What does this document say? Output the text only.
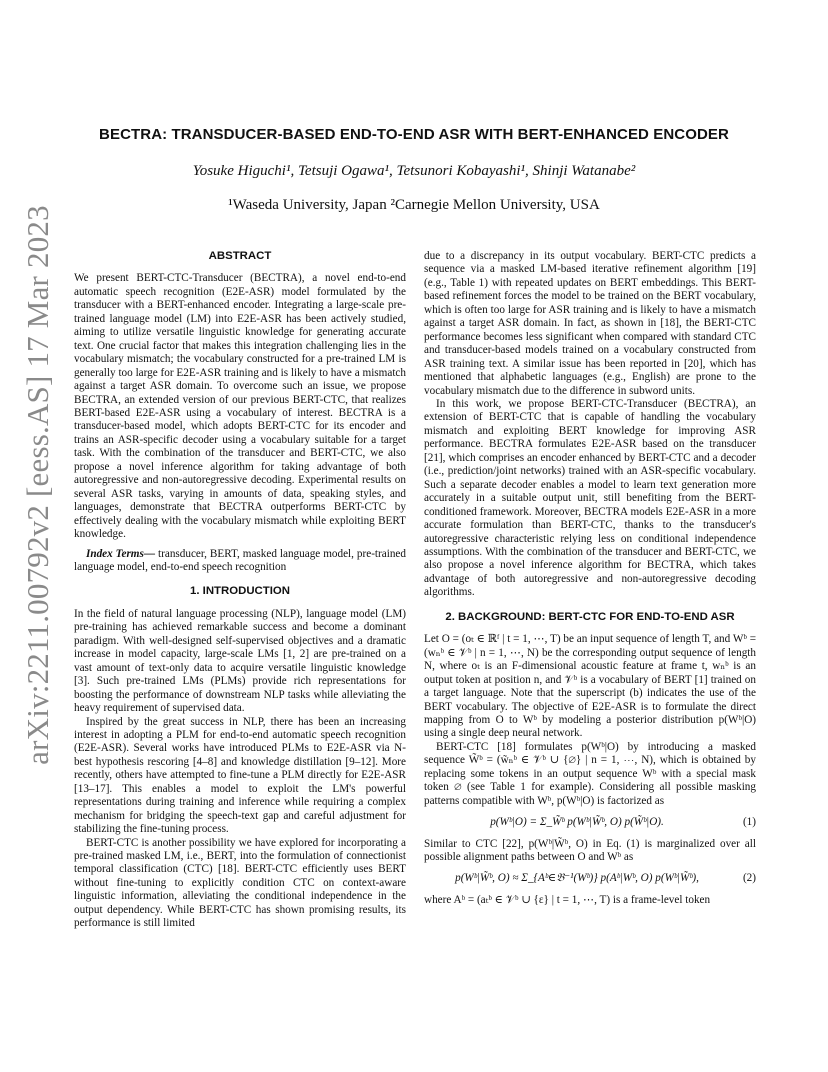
arXiv:2211.00792v2 [eess.AS] 17 Mar 2023
BECTRA: TRANSDUCER-BASED END-TO-END ASR WITH BERT-ENHANCED ENCODER
Yosuke Higuchi¹, Tetsuji Ogawa¹, Tetsunori Kobayashi¹, Shinji Watanabe²
¹Waseda University, Japan ²Carnegie Mellon University, USA
ABSTRACT

We present BERT-CTC-Transducer (BECTRA), a novel end-to-end automatic speech recognition (E2E-ASR) model formulated by the transducer with a BERT-enhanced encoder. Integrating a large-scale pre-trained language model (LM) into E2E-ASR has been actively studied, aiming to utilize versatile linguistic knowledge for generating accurate text. One crucial factor that makes this integration challenging lies in the vocabulary mismatch; the vocabulary constructed for a pre-trained LM is generally too large for E2E-ASR training and is likely to have a mismatch against a target ASR domain. To overcome such an issue, we propose BECTRA, an extended version of our previous BERT-CTC, that realizes BERT-based E2E-ASR using a vocabulary of interest. BECTRA is a transducer-based model, which adopts BERT-CTC for its encoder and trains an ASR-specific decoder using a vocabulary suitable for a target task. With the combination of the transducer and BERT-CTC, we also propose a novel inference algorithm for taking advantage of both autoregressive and non-autoregressive decoding. Experimental results on several ASR tasks, varying in amounts of data, speaking styles, and languages, demonstrate that BECTRA outperforms BERT-CTC by effectively dealing with the vocabulary mismatch while exploiting BERT knowledge.

Index Terms— transducer, BERT, masked language model, pre-trained language model, end-to-end speech recognition

1. INTRODUCTION

In the field of natural language processing (NLP), language model (LM) pre-training has achieved remarkable success and become a dominant paradigm. With well-designed self-supervised objectives and a dramatic increase in model capacity, large-scale LMs [1, 2] are pre-trained on a vast amount of text-only data to acquire versatile linguistic knowledge [3]. Such pre-trained LMs (PLMs) provide rich representations for boosting the performance of downstream NLP tasks while alleviating the heavy requirement of supervised data.

Inspired by the great success in NLP, there has been an increasing interest in adopting a PLM for end-to-end automatic speech recognition (E2E-ASR). Several works have introduced PLMs to E2E-ASR via N-best hypothesis rescoring [4–8] and knowledge distillation [9–12]. More recently, others have attempted to fine-tune a PLM directly for E2E-ASR [13–17]. This enables a model to exploit the LM's powerful representations during training and inference while requiring a complex mechanism for bridging the speech-text gap and careful adjustment for stabilizing the fine-tuning process.

BERT-CTC is another possibility we have explored for incorporating a pre-trained masked LM, i.e., BERT, into the formulation of connectionist temporal classification (CTC) [18]. BERT-CTC efficiently uses BERT without fine-tuning to explicitly condition CTC on context-aware linguistic information, alleviating the conditional independence in the output dependency. While BERT-CTC has shown promising results, its performance is still limited

due to a discrepancy in its output vocabulary. BERT-CTC predicts a sequence via a masked LM-based iterative refinement algorithm [19] (e.g., Table 1) with repeated updates on BERT embeddings. This BERT-based refinement forces the model to be trained on the BERT vocabulary, which is often too large for ASR training and is likely to have a mismatch against a target ASR domain. In fact, as shown in [18], the BERT-CTC performance becomes less significant when compared with standard CTC and transducer-based models trained on a vocabulary constructed from ASR training text. A similar issue has been reported in [20], which has mentioned that alphabetic languages (e.g., English) are prone to the vocabulary mismatch due to the difference in subword units.

In this work, we propose BERT-CTC-Transducer (BECTRA), an extension of BERT-CTC that is capable of handling the vocabulary mismatch and exploiting BERT knowledge for improving ASR performance. BECTRA formulates E2E-ASR based on the transducer [21], which comprises an encoder enhanced by BERT-CTC and a decoder (i.e., prediction/joint networks) trained with an ASR-specific vocabulary. Such a separate decoder enables a model to learn text generation more accurately in a suitable output unit, still benefiting from the BERT-conditioned framework. Moreover, BECTRA models E2E-ASR in a more accurate formulation than BERT-CTC, thanks to the transducer's autoregressive characteristic relying less on conditional independence assumptions. With the combination of the transducer and BERT-CTC, we also propose a novel inference algorithm for BECTRA, which takes advantage of both autoregressive and non-autoregressive decoding algorithms.

2. BACKGROUND: BERT-CTC FOR END-TO-END ASR

Let O = (oₜ ∈ ℝᶠ | t = 1, ⋯, T) be an input sequence of length T, and Wᵇ = (wₙᵇ ∈ 𝒱ᵇ | n = 1, ⋯, N) be the corresponding output sequence of length N, where oₜ is an F-dimensional acoustic feature at frame t, wₙᵇ is an output token at position n, and 𝒱ᵇ is a vocabulary of BERT [1] trained on a target language. Note that the superscript (b) indicates the use of the BERT vocabulary. The objective of E2E-ASR is to formulate the direct mapping from O to Wᵇ by modeling a posterior distribution p(Wᵇ|O) using a single deep neural network.

BERT-CTC [18] formulates p(Wᵇ|O) by introducing a masked sequence W̃ᵇ = (w̃ₙᵇ ∈ 𝒱ᵇ ∪ {∅} | n = 1, ⋯, N), which is obtained by replacing some tokens in an output sequence Wᵇ with a special mask token ∅ (see Table 1 for example). Considering all possible masking patterns compatible with Wᵇ, p(Wᵇ|O) is factorized as

p(Wᵇ|O) = Σ_W̃ᵇ p(Wᵇ|W̃ᵇ, O) p(W̃ᵇ|O).	(1)

Similar to CTC [22], p(Wᵇ|W̃ᵇ, O) in Eq. (1) is marginalized over all possible alignment paths between O and Wᵇ as

p(Wᵇ|W̃ᵇ, O) ≈ Σ_{Aᵇ∈𝔅⁻¹(Wᵇ)} p(Aᵇ|Wᵇ, O) p(Wᵇ|W̃ᵇ),	(2)

where Aᵇ = (aₜᵇ ∈ 𝒱ᵇ ∪ {ε} | t = 1, ⋯, T) is a frame-level token
